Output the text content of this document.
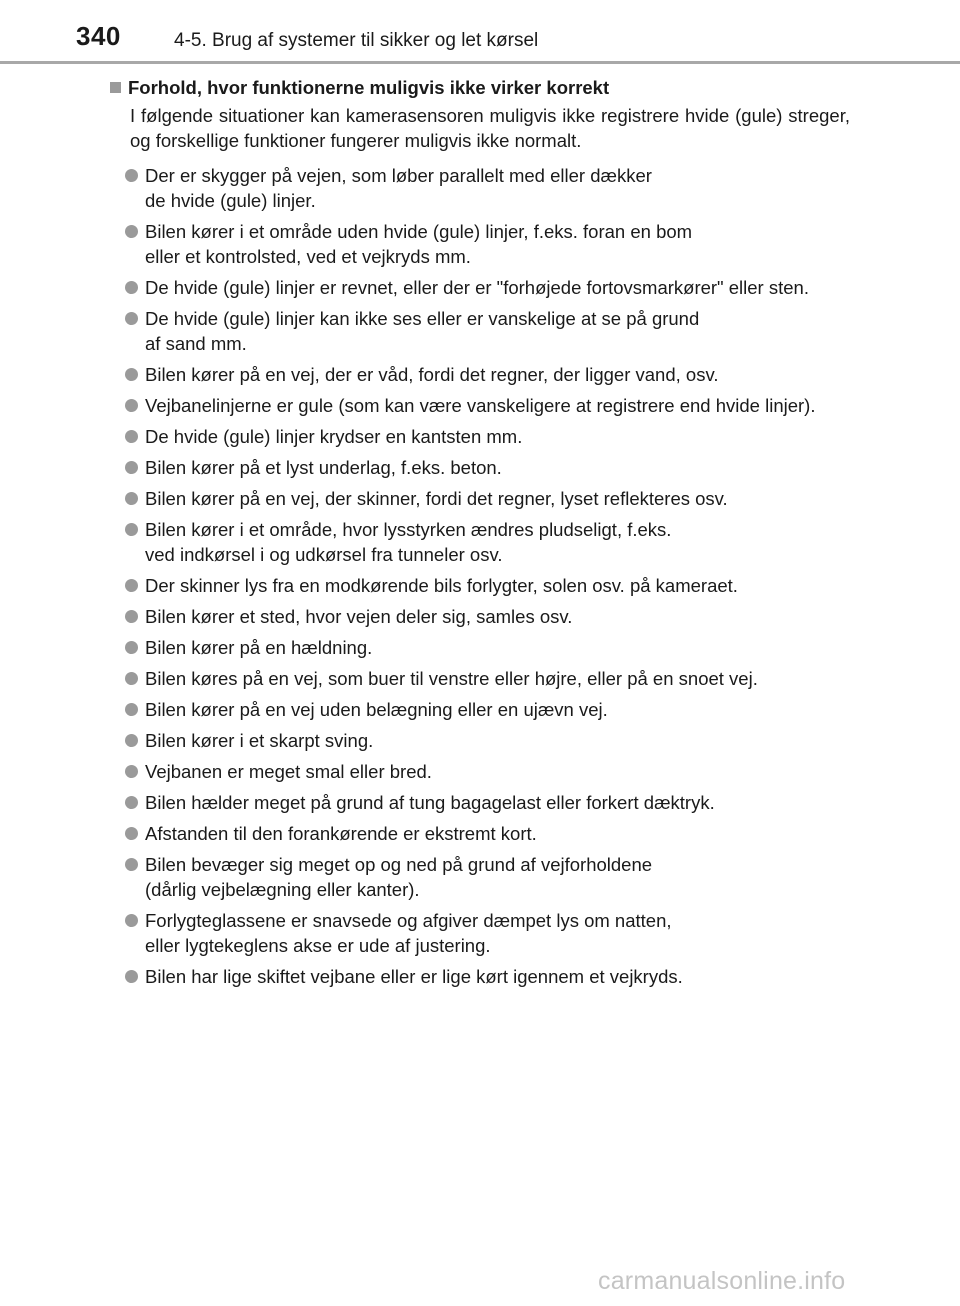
340	4-5. Brug af systemer til sikker og let kørsel
Forhold, hvor funktionerne muligvis ikke virker korrekt

I følgende situationer kan kamerasensoren muligvis ikke registrere hvide (gule) streger, og forskellige funktioner fungerer muligvis ikke normalt.

Der er skygger på vejen, som løber parallelt med eller dækker
de hvide (gule) linjer.
Bilen kører i et område uden hvide (gule) linjer, f.eks. foran en bom
eller et kontrolsted, ved et vejkryds mm.
De hvide (gule) linjer er revnet, eller der er "forhøjede fortovsmarkører" eller sten.
De hvide (gule) linjer kan ikke ses eller er vanskelige at se på grund
af sand mm.
Bilen kører på en vej, der er våd, fordi det regner, der ligger vand, osv.
Vejbanelinjerne er gule (som kan være vanskeligere at registrere end hvide linjer).
De hvide (gule) linjer krydser en kantsten mm.
Bilen kører på et lyst underlag, f.eks. beton.
Bilen kører på en vej, der skinner, fordi det regner, lyset reflekteres osv.
Bilen kører i et område, hvor lysstyrken ændres pludseligt, f.eks.
ved indkørsel i og udkørsel fra tunneler osv.
Der skinner lys fra en modkørende bils forlygter, solen osv. på kameraet.
Bilen kører et sted, hvor vejen deler sig, samles osv.
Bilen kører på en hældning.
Bilen køres på en vej, som buer til venstre eller højre, eller på en snoet vej.
Bilen kører på en vej uden belægning eller en ujævn vej.
Bilen kører i et skarpt sving.
Vejbanen er meget smal eller bred.
Bilen hælder meget på grund af tung bagagelast eller forkert dæktryk.
Afstanden til den forankørende er ekstremt kort.
Bilen bevæger sig meget op og ned på grund af vejforholdene
(dårlig vejbelægning eller kanter).
Forlygteglassene er snavsede og afgiver dæmpet lys om natten,
eller lygtekeglens akse er ude af justering.
Bilen har lige skiftet vejbane eller er lige kørt igennem et vejkryds.
carmanualsonline.info
